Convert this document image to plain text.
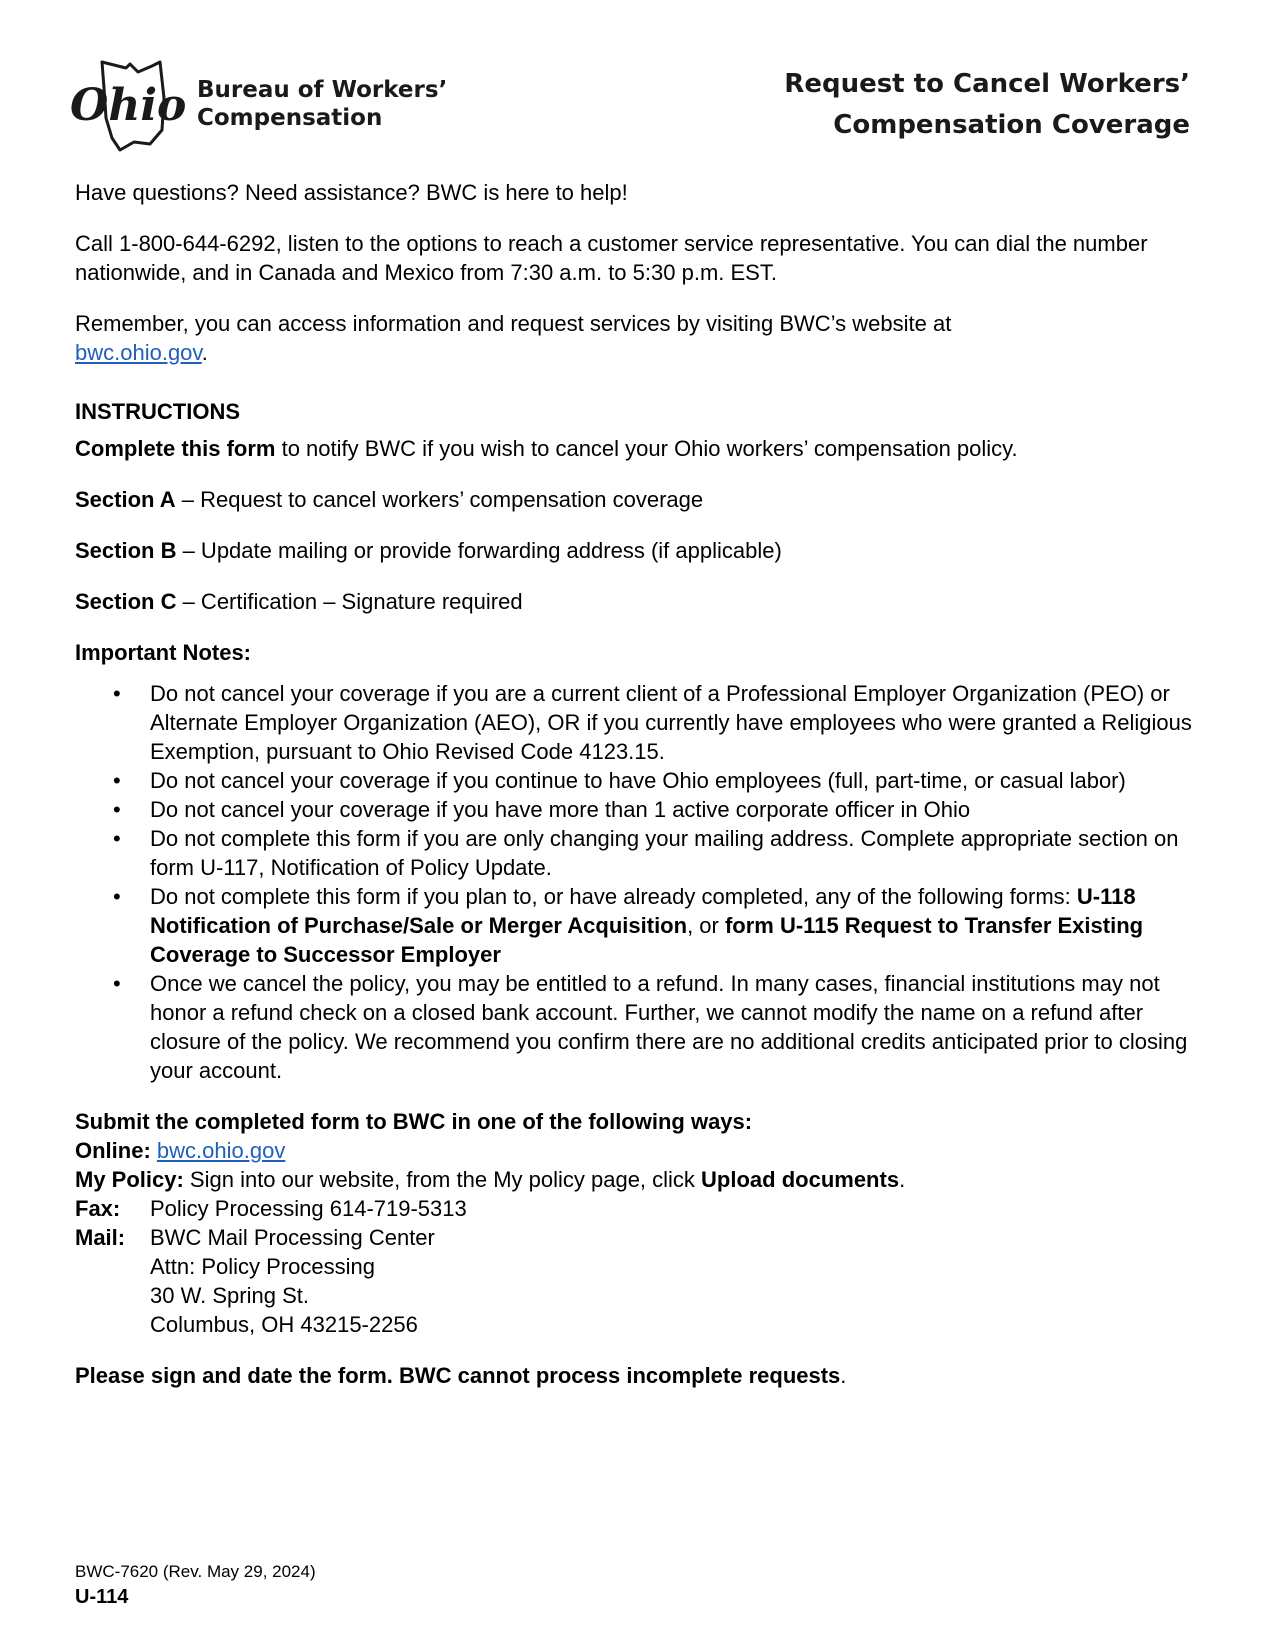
Ohio Bureau of Workers’
Compensation
Request to Cancel Workers’
Compensation Coverage

Have questions? Need assistance? BWC is here to help!

Call 1-800-644-6292, listen to the options to reach a customer service representative. You can dial the number nationwide, and in Canada and Mexico from 7:30 a.m. to 5:30 p.m. EST.

Remember, you can access information and request services by visiting BWC’s website at
bwc.ohio.gov.

INSTRUCTIONS

Complete this form to notify BWC if you wish to cancel your Ohio workers’ compensation policy.

Section A – Request to cancel workers’ compensation coverage

Section B – Update mailing or provide forwarding address (if applicable)

Section C – Certification – Signature required

Important Notes:

• Do not cancel your coverage if you are a current client of a Professional Employer Organization (PEO) or Alternate Employer Organization (AEO), OR if you currently have employees who were granted a Religious Exemption, pursuant to Ohio Revised Code 4123.15.
• Do not cancel your coverage if you continue to have Ohio employees (full, part-time, or casual labor)
• Do not cancel your coverage if you have more than 1 active corporate officer in Ohio
• Do not complete this form if you are only changing your mailing address. Complete appropriate section on form U-117, Notification of Policy Update.
• Do not complete this form if you plan to, or have already completed, any of the following forms: U-118 Notification of Purchase/Sale or Merger Acquisition, or form U-115 Request to Transfer Existing Coverage to Successor Employer
• Once we cancel the policy, you may be entitled to a refund. In many cases, financial institutions may not honor a refund check on a closed bank account. Further, we cannot modify the name on a refund after closure of the policy. We recommend you confirm there are no additional credits anticipated prior to closing your account.

Submit the completed form to BWC in one of the following ways:

Online: bwc.ohio.gov

My Policy: Sign into our website, from the My policy page, click Upload documents.

Fax:	Policy Processing 614-719-5313
Mail:	BWC Mail Processing Center
Attn: Policy Processing
30 W. Spring St.
Columbus, OH 43215-2256

Please sign and date the form. BWC cannot process incomplete requests.

BWC-7620 (Rev. May 29, 2024)
U-114
